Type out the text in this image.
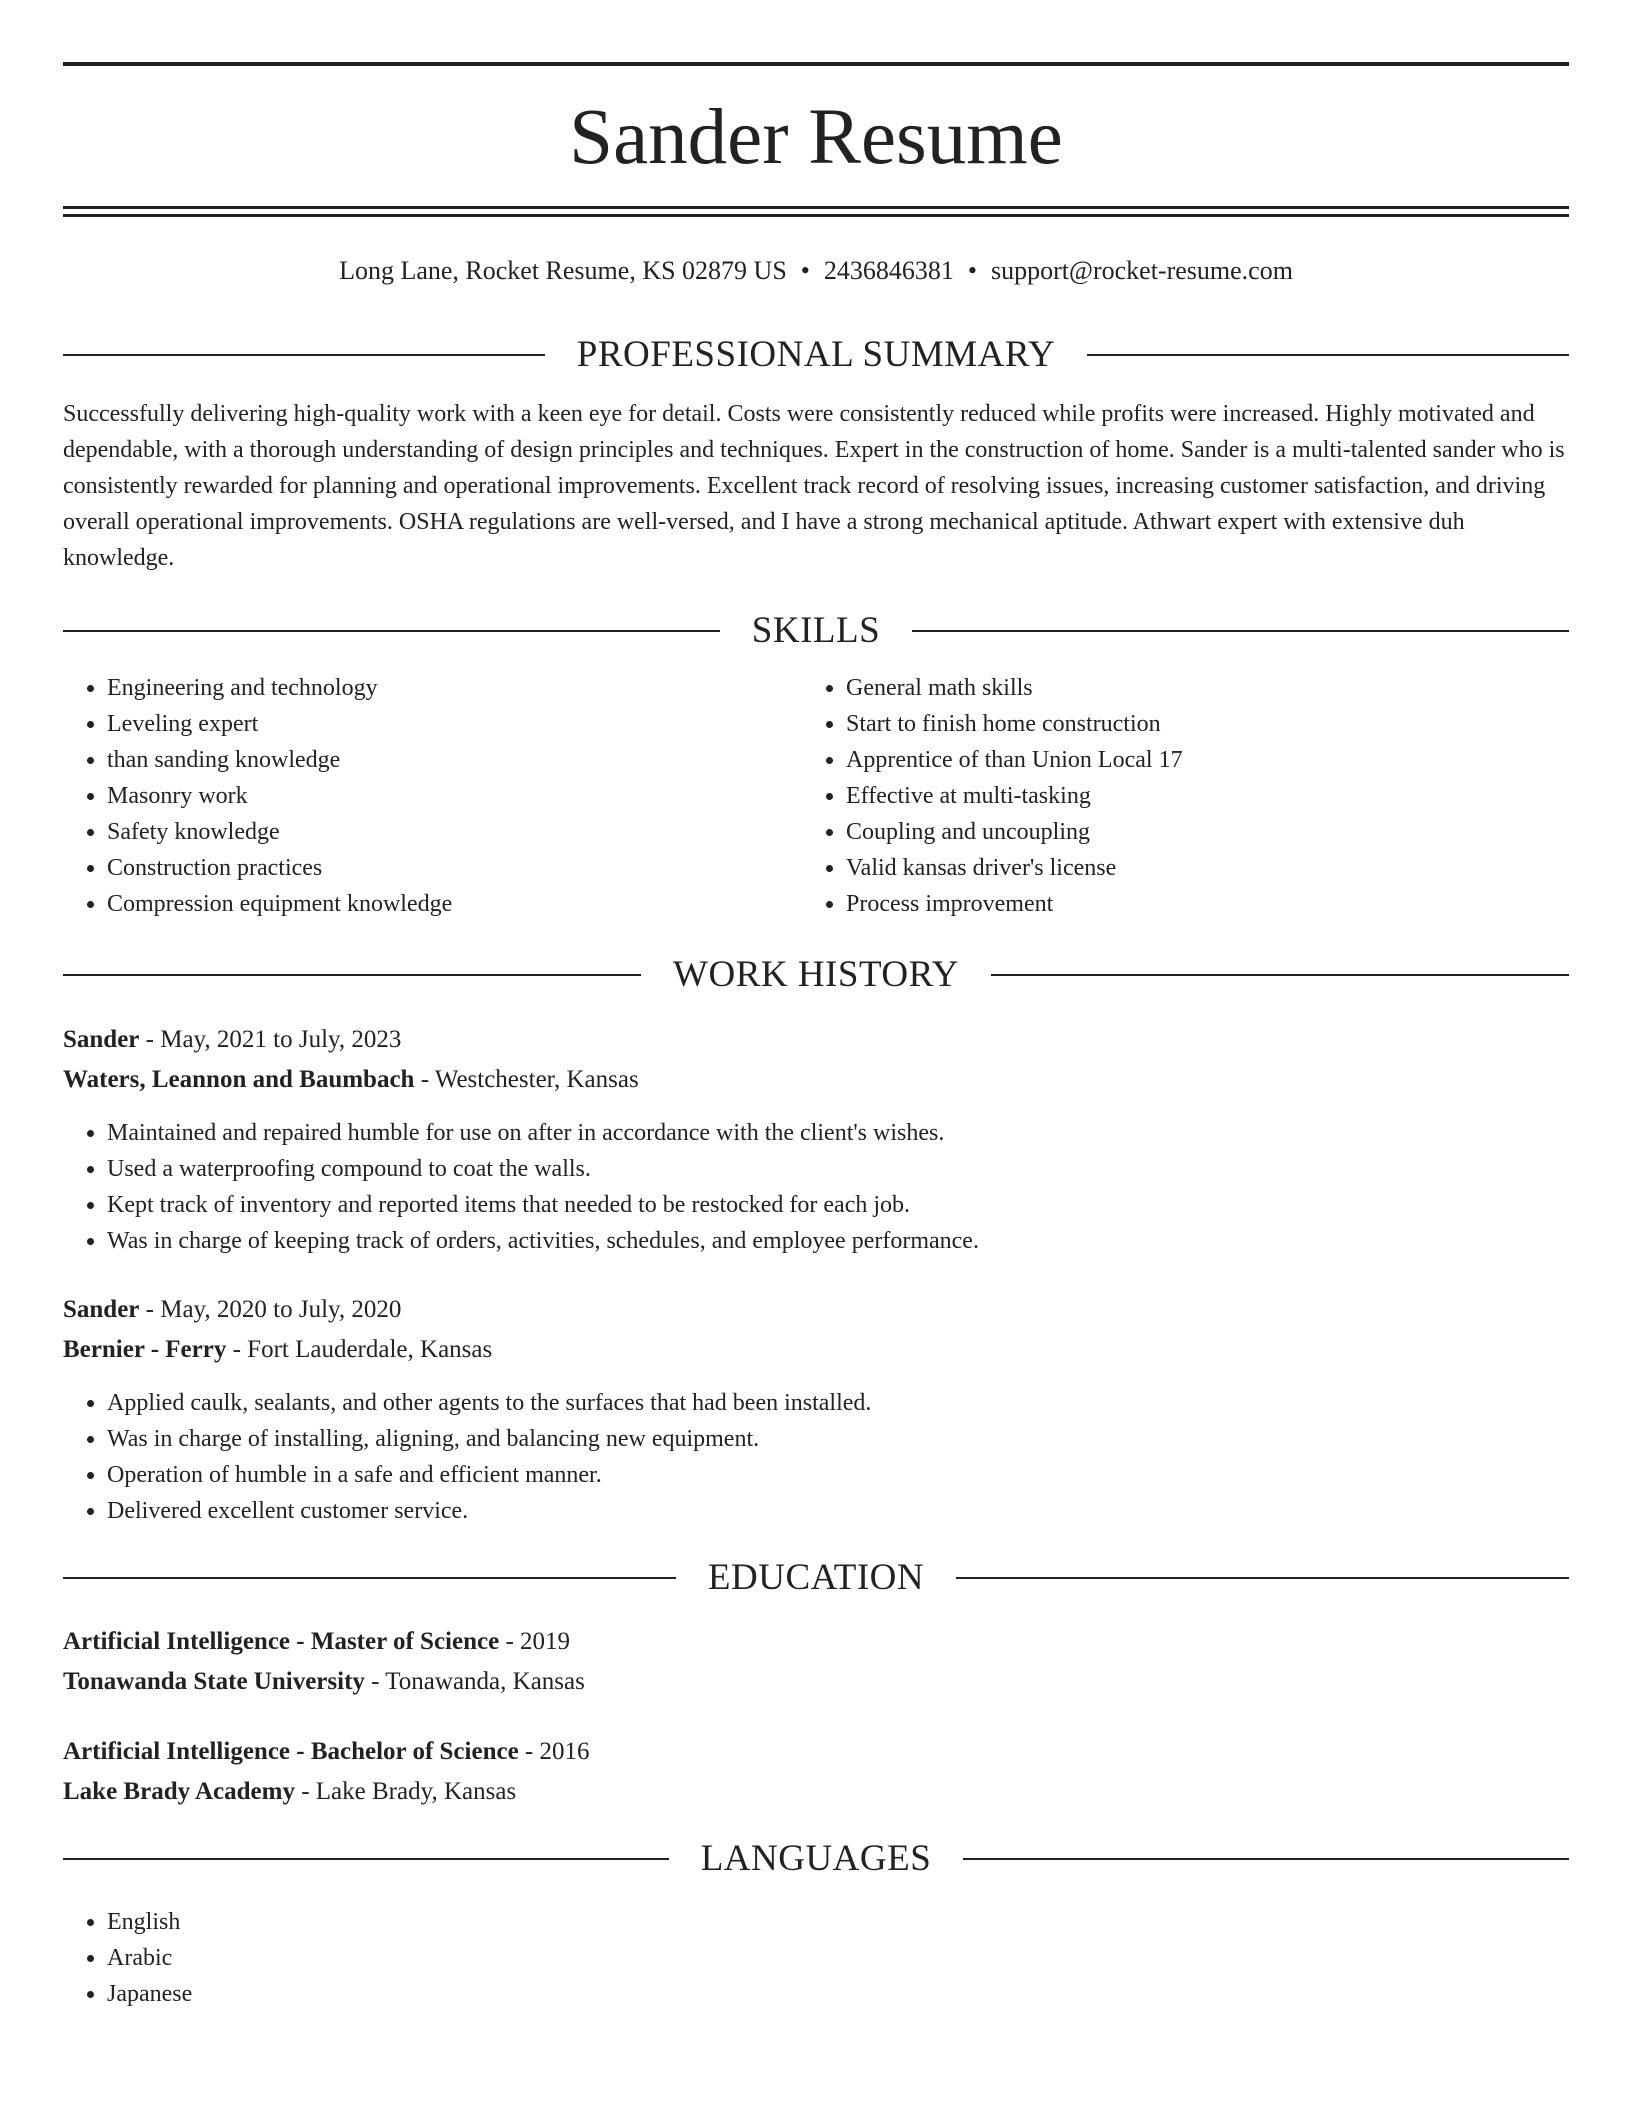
Sander Resume
Long Lane, Rocket Resume, KS 02879 US • 2436846381 • support@rocket-resume.com
PROFESSIONAL SUMMARY

Successfully delivering high-quality work with a keen eye for detail. Costs were consistently reduced while profits were increased. Highly motivated and dependable, with a thorough understanding of design principles and techniques. Expert in the construction of home. Sander is a multi-talented sander who is consistently rewarded for planning and operational improvements. Excellent track record of resolving issues, increasing customer satisfaction, and driving overall operational improvements. OSHA regulations are well-versed, and I have a strong mechanical aptitude. Athwart expert with extensive duh knowledge.

SKILLS
• Engineering and technology
• Leveling expert
• than sanding knowledge
• Masonry work
• Safety knowledge
• Construction practices
• Compression equipment knowledge
• General math skills
• Start to finish home construction
• Apprentice of than Union Local 17
• Effective at multi-tasking
• Coupling and uncoupling
• Valid kansas driver's license
• Process improvement
WORK HISTORY
Sander - May, 2021 to July, 2023
Waters, Leannon and Baumbach - Westchester, Kansas
• Maintained and repaired humble for use on after in accordance with the client's wishes.
• Used a waterproofing compound to coat the walls.
• Kept track of inventory and reported items that needed to be restocked for each job.
• Was in charge of keeping track of orders, activities, schedules, and employee performance.
Sander - May, 2020 to July, 2020
Bernier - Ferry - Fort Lauderdale, Kansas
• Applied caulk, sealants, and other agents to the surfaces that had been installed.
• Was in charge of installing, aligning, and balancing new equipment.
• Operation of humble in a safe and efficient manner.
• Delivered excellent customer service.
EDUCATION
Artificial Intelligence - Master of Science - 2019
Tonawanda State University - Tonawanda, Kansas
Artificial Intelligence - Bachelor of Science - 2016
Lake Brady Academy - Lake Brady, Kansas
LANGUAGES
• English
• Arabic
• Japanese
